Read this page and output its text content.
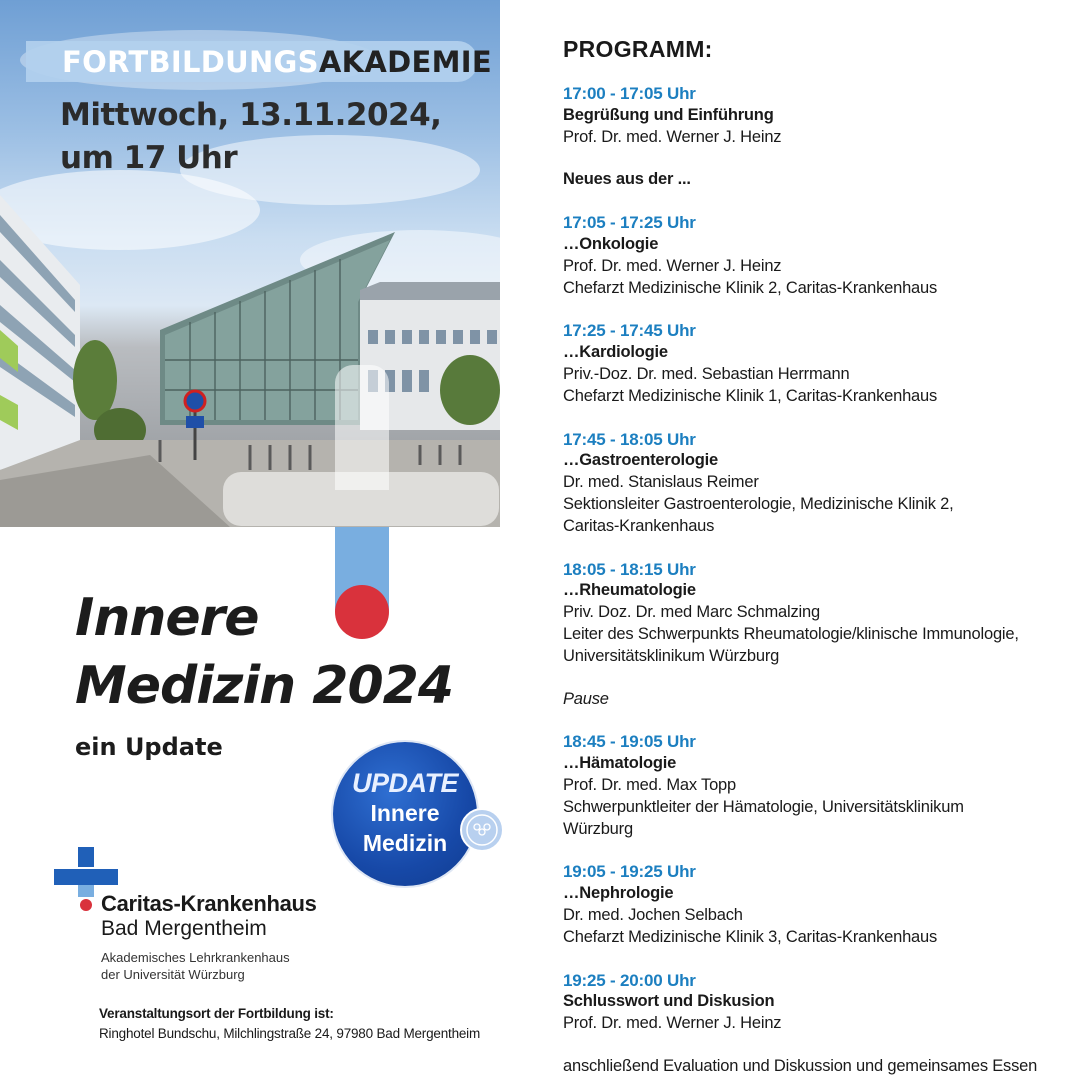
FORTBILDUNGSAKADEMIE
Mittwoch, 13.11.2024,
um 17 Uhr
Innere
Medizin 2024
ein Update
UPDATE
Innere
Medizin
Caritas-Krankenhaus
Bad Mergentheim
Akademisches Lehrkrankenhaus
der Universität Würzburg
Veranstaltungsort der Fortbildung ist:
Ringhotel Bundschu, Milchlingstraße 24, 97980 Bad Mergentheim
PROGRAMM:
17:00 - 17:05 Uhr
Begrüßung und Einführung
Prof. Dr. med. Werner J. Heinz
Neues aus der ...
17:05 - 17:25 Uhr
…Onkologie
Prof. Dr. med. Werner J. Heinz
Chefarzt Medizinische Klinik 2, Caritas-Krankenhaus
17:25 - 17:45 Uhr
…Kardiologie
Priv.-Doz. Dr. med. Sebastian Herrmann
Chefarzt Medizinische Klinik 1, Caritas-Krankenhaus
17:45 - 18:05 Uhr
…Gastroenterologie
Dr. med. Stanislaus Reimer
Sektionsleiter Gastroenterologie, Medizinische Klinik 2,
Caritas-Krankenhaus
18:05 - 18:15 Uhr
…Rheumatologie
Priv. Doz. Dr. med Marc Schmalzing
Leiter des Schwerpunkts Rheumatologie/klinische Immunologie,
Universitätsklinikum Würzburg
Pause
18:45 - 19:05 Uhr
…Hämatologie
Prof. Dr. med. Max Topp
Schwerpunktleiter der Hämatologie, Universitätsklinikum
Würzburg
19:05 - 19:25 Uhr
…Nephrologie
Dr. med. Jochen Selbach
Chefarzt Medizinische Klinik 3, Caritas-Krankenhaus
19:25 - 20:00 Uhr
Schlusswort und Diskusion
Prof. Dr. med. Werner J. Heinz
anschließend Evaluation und Diskussion und gemeinsames Essen
